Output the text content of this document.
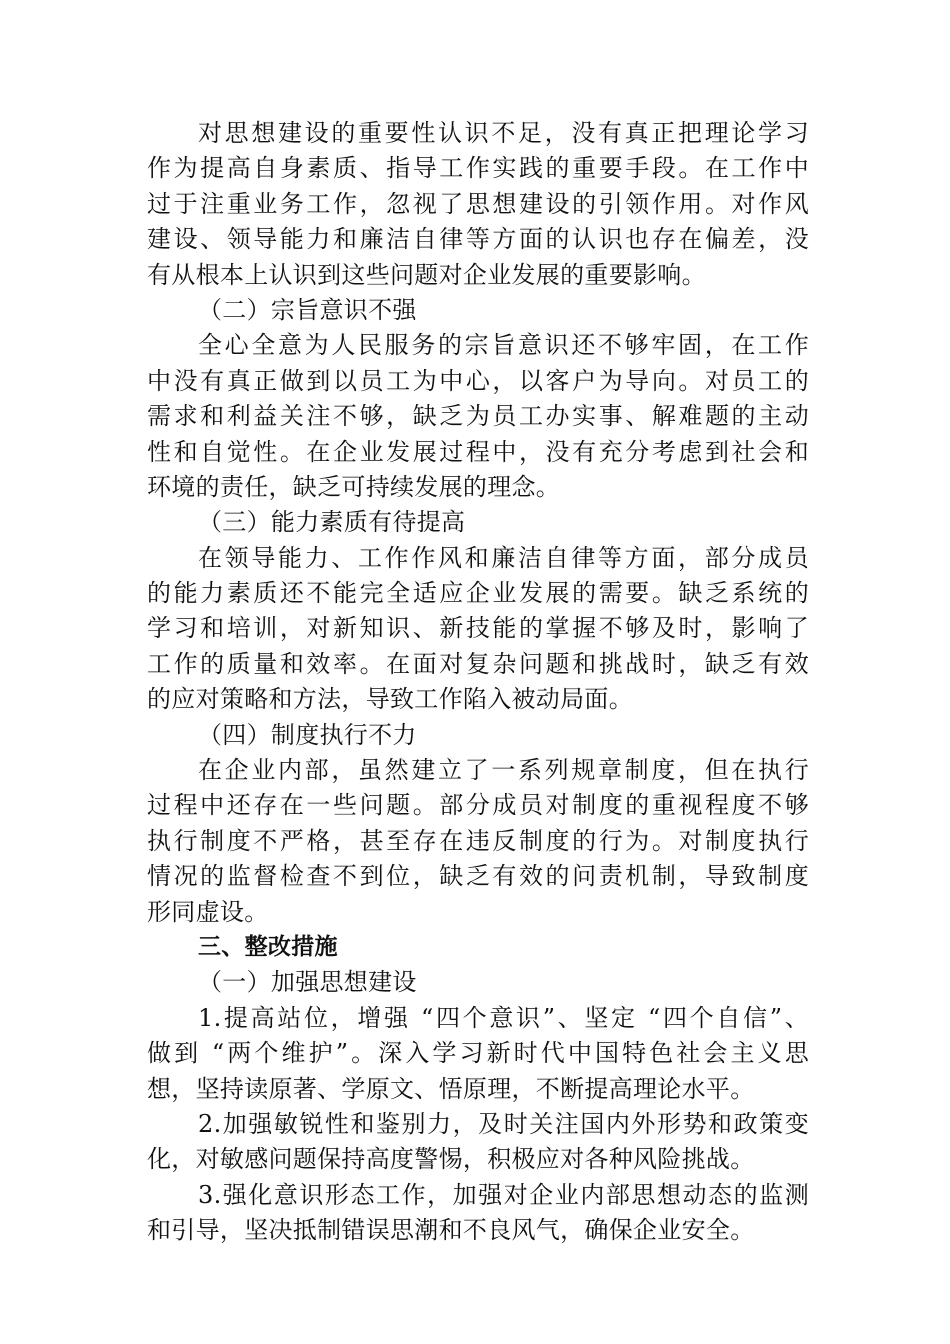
对思想建设的重要性认识不足，没有真正把理论学习
作为提高自身素质、指导工作实践的重要手段。在工作中
过于注重业务工作，忽视了思想建设的引领作用。对作风
建设、领导能力和廉洁自律等方面的认识也存在偏差，没
有从根本上认识到这些问题对企业发展的重要影响。
（二）宗旨意识不强
全心全意为人民服务的宗旨意识还不够牢固，在工作
中没有真正做到以员工为中心，以客户为导向。对员工的
需求和利益关注不够，缺乏为员工办实事、解难题的主动
性和自觉性。在企业发展过程中，没有充分考虑到社会和
环境的责任，缺乏可持续发展的理念。
（三）能力素质有待提高
在领导能力、工作作风和廉洁自律等方面，部分成员
的能力素质还不能完全适应企业发展的需要。缺乏系统的
学习和培训，对新知识、新技能的掌握不够及时，影响了
工作的质量和效率。在面对复杂问题和挑战时，缺乏有效
的应对策略和方法，导致工作陷入被动局面。
（四）制度执行不力
在企业内部，虽然建立了一系列规章制度，但在执行
过程中还存在一些问题。部分成员对制度的重视程度不够
执行制度不严格，甚至存在违反制度的行为。对制度执行
情况的监督检查不到位，缺乏有效的问责机制，导致制度
形同虚设。
三、整改措施
（一）加强思想建设
1.提高站位，增强 “四个意识”、坚定 “四个自信”、
做到 “两个维护”。深入学习新时代中国特色社会主义思
想，坚持读原著、学原文、悟原理，不断提高理论水平。
2.加强敏锐性和鉴别力，及时关注国内外形势和政策变
化，对敏感问题保持高度警惕，积极应对各种风险挑战。
3.强化意识形态工作，加强对企业内部思想动态的监测
和引导，坚决抵制错误思潮和不良风气，确保企业安全。
